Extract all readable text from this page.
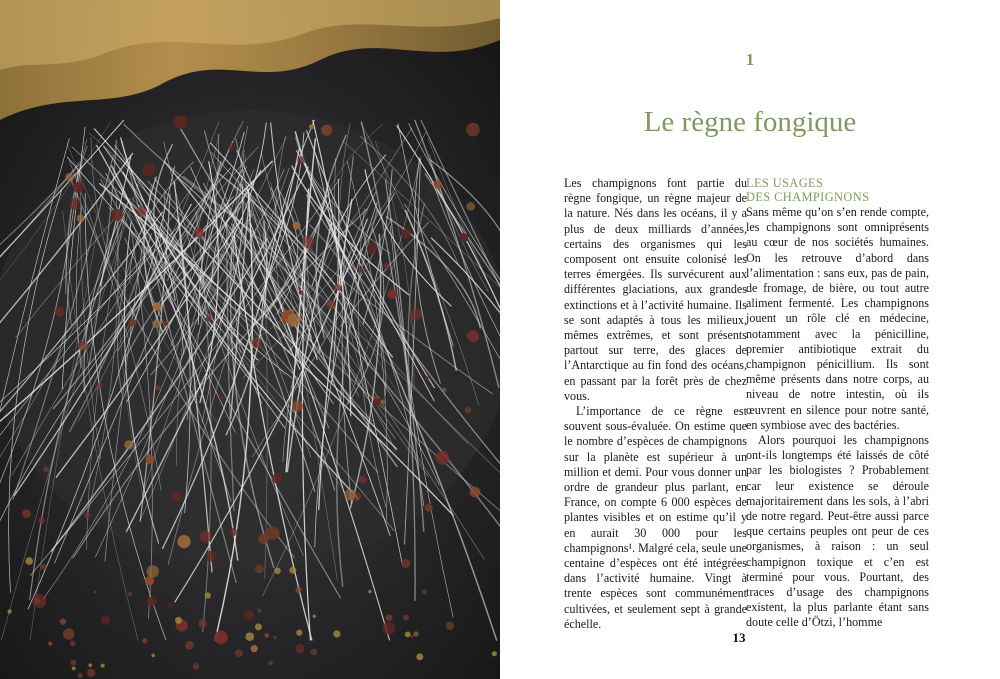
1
Le règne fongique

Les champignons font partie du règne fongique, un règne majeur de la nature. Nés dans les océans, il y a plus de deux milliards d’années, certains des organismes qui les composent ont ensuite colonisé les terres émergées. Ils survécurent aux différentes glaciations, aux grandes extinctions et à l’activité humaine. Ils se sont adaptés à tous les milieux, mêmes extrêmes, et sont présents partout sur terre, des glaces de l’Antarctique au fin fond des océans, en passant par la forêt près de chez vous.

L’importance de ce règne est souvent sous-évaluée. On estime que le nombre d’espèces de champignons sur la planète est supérieur à un million et demi. Pour vous donner un ordre de grandeur plus parlant, en France, on compte 6 000 espèces de plantes visibles et on estime qu’il y en aurait 30 000 pour les champignons¹. Malgré cela, seule une centaine d’espèces ont été intégrées dans l’activité humaine. Vingt à trente espèces sont communément cultivées, et seulement sept à grande échelle.

LES USAGES
DES CHAMPIGNONS

Sans même qu’on s’en rende compte, les champignons sont omniprésents au cœur de nos sociétés humaines. On les retrouve d’abord dans l’alimentation : sans eux, pas de pain, de fromage, de bière, ou tout autre aliment fermenté. Les champignons jouent un rôle clé en médecine, notamment avec la pénicilline, premier antibiotique extrait du champignon pénicillium. Ils sont même présents dans notre corps, au niveau de notre intestin, où ils œuvrent en silence pour notre santé, en symbiose avec des bactéries.

Alors pourquoi les champignons ont-ils longtemps été laissés de côté par les biologistes ? Probablement car leur existence se déroule majoritairement dans les sols, à l’abri de notre regard. Peut-être aussi parce que certains peuples ont peur de ces organismes, à raison : un seul champignon toxique et c’en est terminé pour vous. Pourtant, des traces d’usage des champignons existent, la plus parlante étant sans doute celle d’Ötzi, l’homme

13
